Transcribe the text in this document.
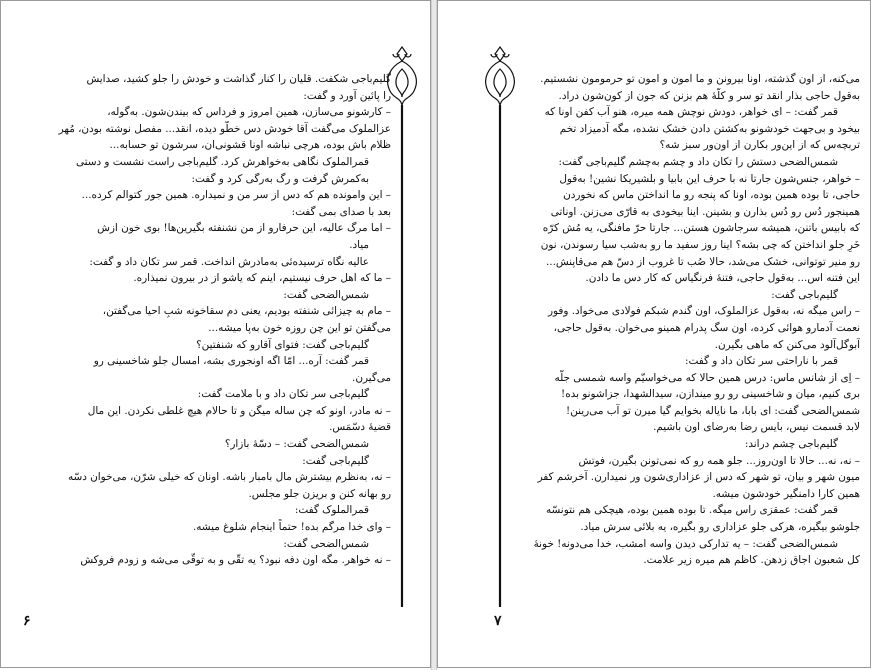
گلیم‌باجی شکفت. قلیان را کنار گذاشت و خودش را جلو کشید، صدایش
را پائین آورد و گفت:
– کارشونو می‌سازن، همین امروز و فرداس که بیندن‌شون. به‌گوله،
عزالملوک می‌گفت آقا خودش دس خطّو دیده، انقد... مفصل نوشته بودن، مُهر
ظلام باش بوده، هرچی نباشه اونا قشونی‌ان، سرشون تو حسابه...
قمرالملوک نگاهی به‌خواهرش کرد. گلیم‌باجی راست نشست و دستی
به‌کمرش گرفت و رگ به‌رگی کرد و گفت:
– این وامونده هم که دس از سر من و نمیداره. همین جور کتوالم کرده...
بعد با صدای بمی گفت:
– اما مرگ عالیه، این حرفارو از من نشنفته بگیرین‌ها! بوی خون ازش
میاد.
عالیه نگاه ترسیده‌ئی به‌مادرش انداخت. قمر سر تکان داد و گفت:
– ما که اهل حرف نیستیم، اینم که یاشو از در بیرون نمیذاره.
شمس‌الضحی گفت:
– مام به چیزائی شنفته بودیم، یعنی دم سقاخونه شبِ احیا می‌گفتن،
می‌گفتن تو این چن روزه خون به‌پا میشه...
گلیم‌باجی گفت: فتوای آقارو که شنفتین؟
قمر گفت: آره... امّا اگه اونجوری بشه، امسال جلو شاخسینی رو
می‌گیرن.
گلیم‌باجی سر تکان داد و با ملامت گفت:
– نه مادر، اونو که چن ساله میگن و تا حالام هیچ غلطی نکردن. این مال
قضیهٔ دسّمَس.
شمس‌الضحی گفت: – دسّهٔ بازار؟
گلیم‌باجی گفت:
– نه، به‌نظرم بیشترش مال بامبار باشه. اونان که خیلی شرّن، می‌خوان دسّه
رو بهانه کنن و بریزن جلو مجلس.
قمرالملوک گفت:
– وای خدا مرگم بده! حتماً اینجام شلوغ میشه.
شمس‌الضحی گفت:
– نه خواهر. مگه اون دفه نبود؟ یه تقّی و به توقّی می‌شه و زودم فروکش
۶
می‌کنه، از اون گذشته، اونا بیرونن و ما امون و امون تو حرمومون نشستیم.
به‌قول حاجی بذار انقد تو سر و کلّهٔ هم بزنن که جون از کون‌شون دراد.
قمر گفت: – ای خواهر، دودش نوچش همه میره، هنو آب کفن اونا که
بیخود و بی‌جهت خودشونو به‌کشتن دادن خشک نشده، مگه آدمیزاد تخم
تربچه‌س که از این‌ور بکارن از اون‌ور سبز شه؟
شمس‌الضحی دستش را تکان داد و چشم به‌چشم گلیم‌باجی گفت:
– خواهر، جنس‌شون جارتا نه با حرف این بابیا و بلشیریکا نشین! به‌قول
حاجی، تا بوده همین بوده، اونا که پنجه رو ما انداختن ماس که نخوردن
همینجور دُس رو دُس بذارن و بشینن. اینا بیخودی به قارّی می‌زنن. اوناتی
که بابیس باتنن، همیشه سرجاشون هستن... جارتا حرّ مافنگی، یه مُش کرّه
خَرِ جلو انداختن که چی بشه؟ اینا روز سفید ما رو به‌شب سیا رسوندن، نون
رو منیر توتوانی، خشک می‌شد، حالا صُب تا غروب از دسّ هم می‌قاپنش...
این فتنه اس... به‌قول حاجی، فتنهٔ فرنگیاس که کار دس ما دادن.
گلیم‌باجی گفت:
– راس میگه نه، به‌قول عزالملوک، اون گندم شبکم فولادی می‌خواد. وفور
نعمت آدمارو هوائی کرده، اون سگ پدرام همینو می‌خوان. به‌قول حاجی،
آبوگل‌آلود می‌کنن که ماهی بگیرن.
قمر با ناراحتی سر تکان داد و گفت:
– اِی از شانس ماس: درس همین حالا که می‌خواسیّم واسه شمسی جلّه
بری کنیم، میان و شاخسینی رو رو میندازن، سیدالشهدا، جزاشونو بده!
شمس‌الضحی گفت: ای بابا، ما نایاله بخوایم گیا میرن تو آب می‌رینن!
لابد قسمت نیس، بایس رضا به‌رضای اون باشیم.
گلیم‌باجی چشم دراند:
– نه، نه... حالا تا اون‌روز... جلو همه رو که نمی‌تونن بگیرن، فوتش
میون شهر و بیان، تو شهر که دس از عزاداری‌شون ور نمیدارن. آخرشم کفر
همین کارا دامنگیر خودشون میشه.
قمر گفت: عمقزی راس میگه. تا بوده همین بوده، هیچکی هم نتونسّه
جلوشو بیگیره، هرکی جلو عزاداری رو بگیره، یه بلائی سرش میاد.
شمس‌الضحی گفت: – یه تدارکی دیدن واسه امشب، خدا می‌دونه! خونهٔ
کل شعبون اجاق زدهن. کاظم هم میره زیر علامت.
۷
